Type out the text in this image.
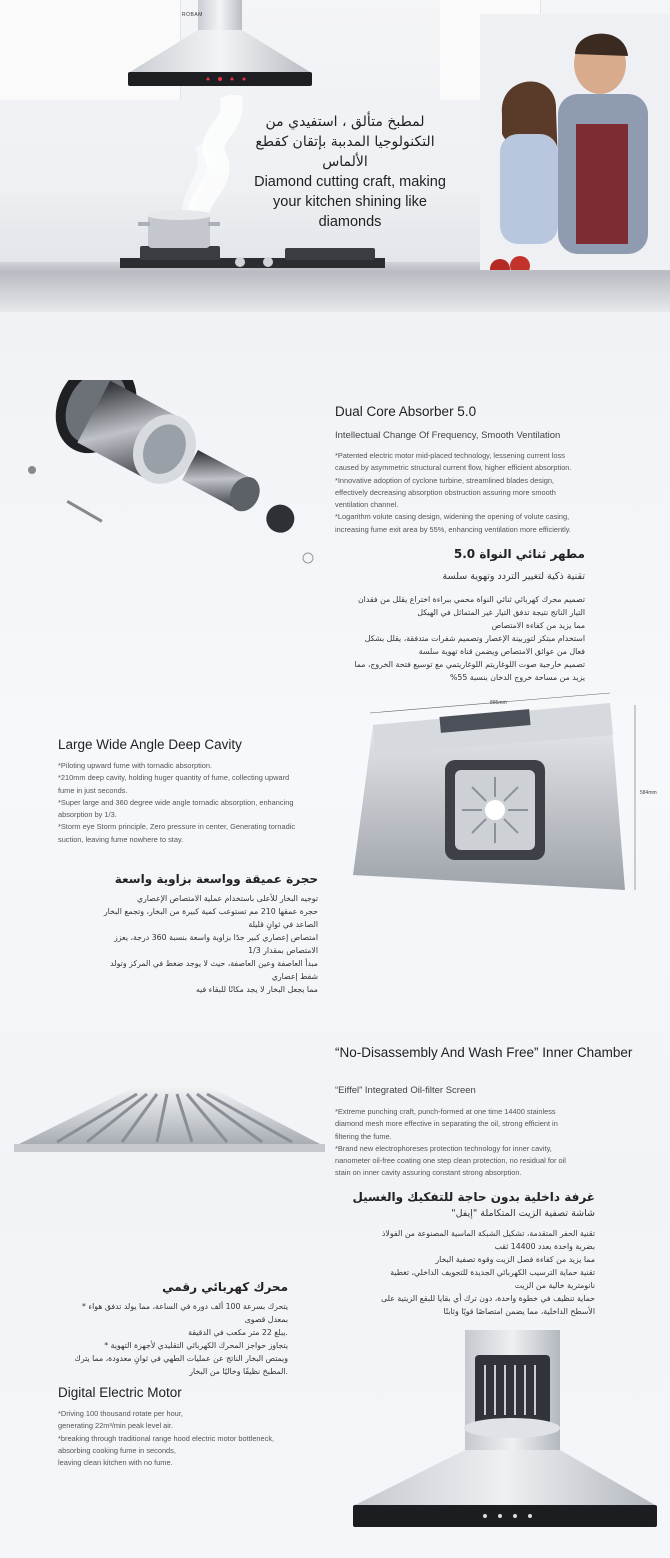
ROBAM
لمطبخ متألق ، استفيدي من التكنولوجيا المدببة بإتقان كقطع الألماس
Diamond cutting craft, making your kitchen shining like diamonds
Dual Core Absorber 5.0
Intellectual Change Of Frequency, Smooth Ventilation

*Patented electric motor mid-placed technology, lessening current loss

caused by asymmetric structural current flow, higher efficient absorption.

*Innovative adoption of cyclone turbine, streamlined blades design,

effectively decreasing absorption obstruction assuring more smooth

ventilation channel.

*Logarithm volute casing design, widening the opening of volute casing,

increasing fume exit area by 55%, enhancing ventilation more efficiently.

مطهر ثنائي النواة 5.0
تقنية ذكية لتغيير التردد وتهوية سلسة

تصميم محرك كهربائي ثنائي النواة محمي ببراءة اختراع يقلل من فقدان

التيار الناتج نتيجة تدفق التيار غير المتماثل في الهيكل

مما يزيد من كفاءة الامتصاص

استخدام مبتكر لتوربينة الإعصار وتصميم شفرات متدفقة، يقلل بشكل

فعال من عوائق الامتصاص ويضمن قناة تهوية سلسة

تصميم خارجية صوت اللوغاريتم اللوغاريتمي مع توسيع فتحة الخروج، مما

يزيد من مساحة خروج الدخان بنسبة 55%

895mm
584mm
Large Wide Angle Deep Cavity

*Piloting upward fume with tornadic absorption.

*210mm deep cavity, holding huger quantity of fume, collecting upward

fume in just seconds.

*Super large and 360 degree wide angle tornadic absorption, enhancing

absorption by 1/3.

*Storm eye Storm principle, Zero pressure in center, Generating tornadic

suction, leaving fume nowhere to stay.

حجرة عميقة وواسعة بزاوية واسعة

توجيه البخار للأعلى باستخدام عملية الامتصاص الإعصاري

حجرة عمقها 210 مم تستوعب كمية كبيرة من البخار، وتجمع البخار

الصاعد في ثوانٍ قليلة

امتصاص إعصاري كبير جدًا بزاوية واسعة بنسبة 360 درجة، يعزز

الامتصاص بمقدار 1/3

مبدأ العاصفة وعين العاصفة، حيث لا يوجد ضغط في المركز وتولد

شفط إعصاري

مما يجعل البخار لا يجد مكانًا للبقاء فيه

“No-Disassembly And Wash Free” Inner Chamber
“Eiffel” Integrated Oil-filter Screen

*Extreme punching craft, punch-formed at one time 14400 stainless

diamond mesh more effective in separating the oil, strong efficient in

filtering the fume.

*Brand new electrophoreses protection technology for inner cavity,

nanometer oil-free coating one step clean protection, no residual for oil

stain on inner cavity assuring constant strong absorption.

غرفة داخلية بدون حاجة للتفكيك والغسيل
شاشة تصفية الزيت المتكاملة "إيفل"

تقنية الحفر المتقدمة، تشكيل الشبكة الماسية المصنوعة من الفولاذ

بضربة واحدة بعدد 14400 ثقب

مما يزيد من كفاءة فصل الزيت وقوة تصفية البخار

تقنية حماية الترسيب الكهربائي الجديدة للتجويف الداخلي، تغطية

نانومترية خالية من الزيت

حماية تنظيف في خطوة واحدة، دون ترك أي بقايا للبقع الزيتية على

الأسطح الداخلية، مما يضمن امتصاصًا قويًا وثابتًا

محرك كهربائي رقمي

يتحرك بسرعة 100 ألف دورة في الساعة، مما يولد تدفق هواء *

بمعدل قصوى

.يبلغ 22 متر مكعب في الدقيقة

يتجاوز حواجز المحرك الكهربائي التقليدي لأجهزة التهوية *

ويمتص البخار الناتج عن عمليات الطهي في ثوانٍ معدودة، مما يترك

.المطبخ نظيفًا وخاليًا من البخار

Digital Electric Motor

*Driving 100 thousand rotate per hour,

generating 22m³/min peak level air.

*breaking through traditional range hood electric motor bottleneck,

absorbing cooking fume in seconds,

leaving clean kitchen with no fume.
